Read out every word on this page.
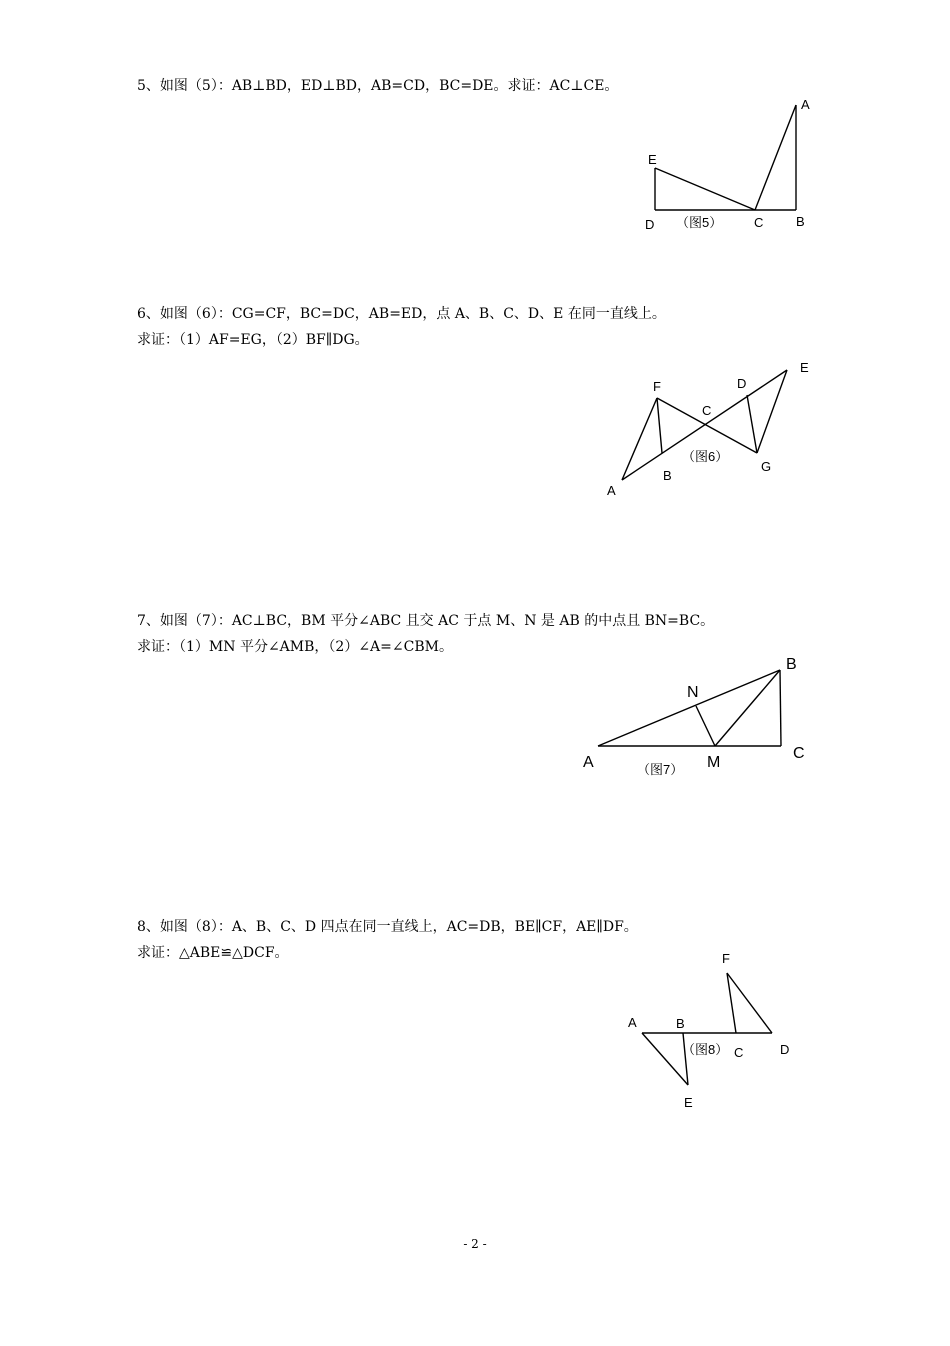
5、如图（5）：AB⊥BD，ED⊥BD，AB=CD，BC=DE。求证：AC⊥CE。

A
E
D （图5） C	B

6、如图（6）：CG=CF，BC=DC，AB=ED，点 A、B、C、D、E 在同一直线上。

求证：（1）AF=EG，（2）BF∥DG。

F	D
E
C
（图6）
G
B
A

7、如图（7）：AC⊥BC，BM 平分∠ABC 且交 AC 于点 M、N 是 AB 的中点且 BN=BC。

求证：（1）MN 平分∠AMB，（2）∠A=∠CBM。

B
N
C
A	（图7） M

8、如图（8）：A、B、C、D 四点在同一直线上，AC=DB，BE∥CF，AE∥DF。

求证：△ABE≌△DCF。	F
A	B
（图8） C	D
E
- 2 -
